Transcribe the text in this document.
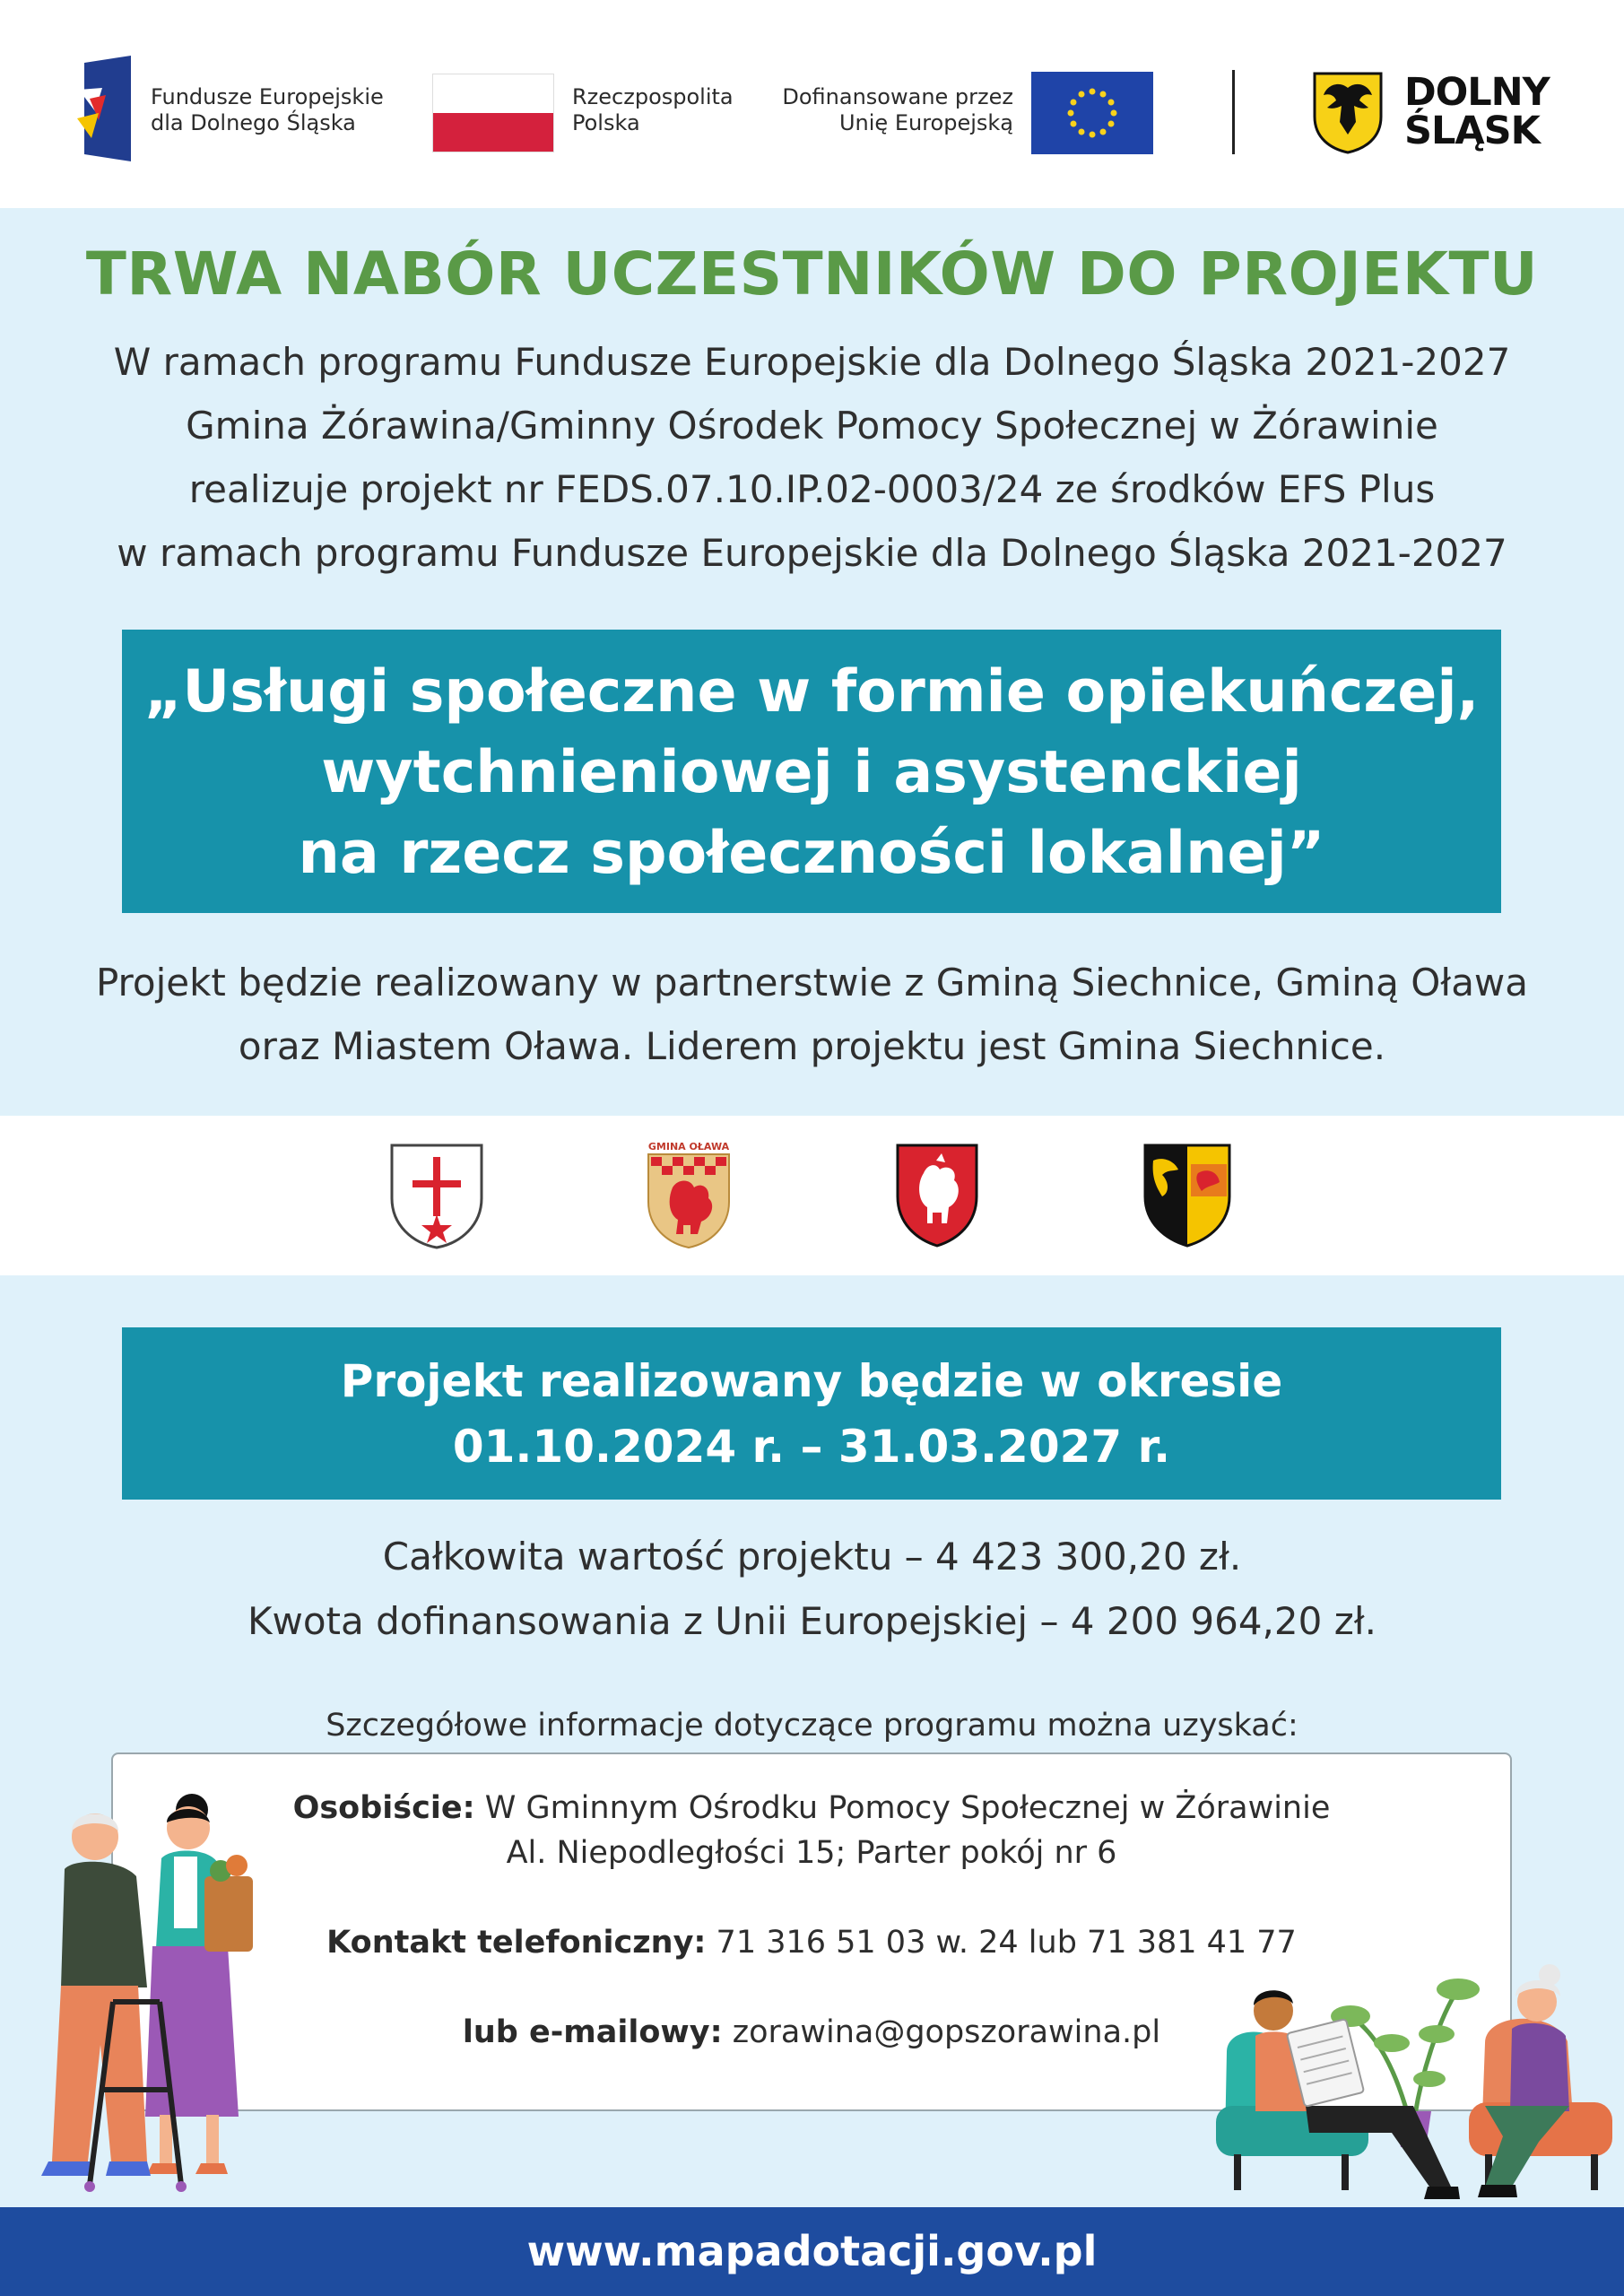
Fundusze Europejskie
dla Dolnego Śląska
Rzeczpospolita
Polska
Dofinansowane przez
Unię Europejską
DOLNY
ŚLĄSK
TRWA NABÓR UCZESTNIKÓW DO PROJEKTU
W ramach programu Fundusze Europejskie dla Dolnego Śląska 2021-2027
Gmina Żórawina/Gminny Ośrodek Pomocy Społecznej w Żórawinie
realizuje projekt nr FEDS.07.10.IP.02-0003/24 ze środków EFS Plus
w ramach programu Fundusze Europejskie dla Dolnego Śląska 2021-2027
„Usługi społeczne w formie opiekuńczej,
wytchnieniowej i asystenckiej
na rzecz społeczności lokalnej”
Projekt będzie realizowany w partnerstwie z Gminą Siechnice, Gminą Oława
oraz Miastem Oława. Liderem projektu jest Gmina Siechnice.
GMINA OŁAWA
Projekt realizowany będzie w okresie
01.10.2024 r. – 31.03.2027 r.
Całkowita wartość projektu – 4 423 300,20 zł.
Kwota dofinansowania z Unii Europejskiej – 4 200 964,20 zł.
Szczegółowe informacje dotyczące programu można uzyskać:
Osobiście: W Gminnym Ośrodku Pomocy Społecznej w Żórawinie
Al. Niepodległości 15; Parter pokój nr 6
Kontakt telefoniczny: 71 316 51 03 w. 24 lub 71 381 41 77
lub e-mailowy: zorawina@gopszorawina.pl
www.mapadotacji.gov.pl
